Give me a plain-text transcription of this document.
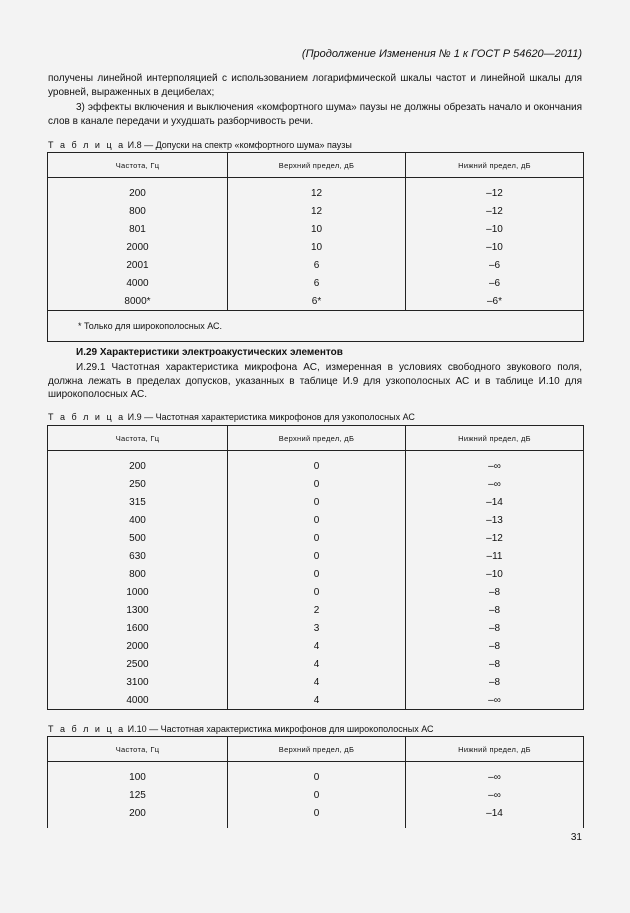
(Продолжение Изменения № 1 к ГОСТ Р 54620—2011)
получены линейной интерполяцией с использованием логарифмической шкалы частот и линейной шкалы для уровней, выраженных в децибелах;
3) эффекты включения и выключения «комфортного шума» паузы не должны обрезать начало и окончания слов в канале передачи и ухудшать разборчивость речи.
Т а б л и ц а И.8 — Допуски на спектр «комфортного шума» паузы
Частота, Гц	Верхний предел, дБ	Нижний предел, дБ

200	12	–12
800	12	–12
801	10	–10
2000	10	–10
2001	6	–6
4000	6	–6
8000*	6*	–6*
* Только для широкополосных АС.		
И.29 Характеристики электроакустических элементов
И.29.1 Частотная характеристика микрофона АС, измеренная в условиях свободного звукового поля, должна лежать в пределах допусков, указанных в таблице И.9 для узкополосных АС и в таблице И.10 для широкополосных АС.
Т а б л и ц а И.9 — Частотная характеристика микрофонов для узкополосных АС
Частота, Гц	Верхний предел, дБ	Нижний предел, дБ

200	0	–∞
250	0	–∞
315	0	–14
400	0	–13
500	0	–12
630	0	–11
800	0	–10
1000	0	–8
1300	2	–8
1600	3	–8
2000	4	–8
2500	4	–8
3100	4	–8
4000	4	–∞
Т а б л и ц а И.10 — Частотная характеристика микрофонов для широкополосных АС
Частота, Гц	Верхний предел, дБ	Нижний предел, дБ

100	0	–∞
125	0	–∞
200	0	–14

31
